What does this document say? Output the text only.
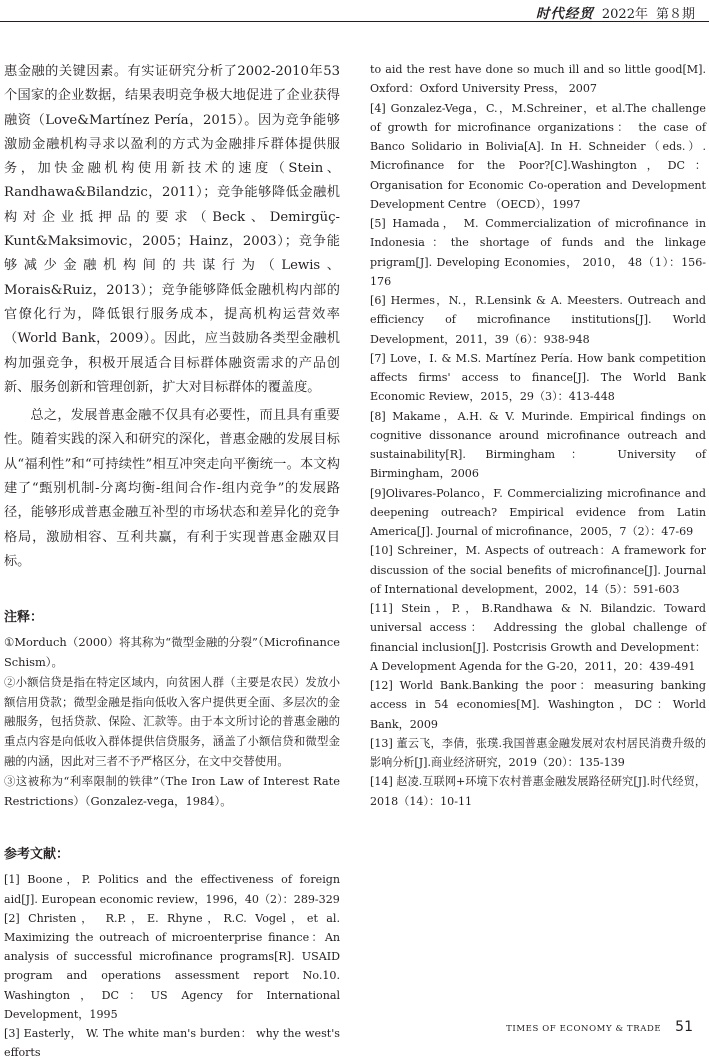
时代经贸 2022年 第８期

惠金融的关键因素。有实证研究分析了2002-2010年53个国家的企业数据，结果表明竞争极大地促进了企业获得融资（Love&Martínez Pería，2015）。因为竞争能够激励金融机构寻求以盈利的方式为金融排斥群体提供服务，加快金融机构使用新技术的速度（Stein、Randhawa&Bilandzic，2011）；竞争能够降低金融机构对企业抵押品的要求（Beck、Demirgüç-Kunt&Maksimovic，2005；Hainz，2003）；竞争能够减少金融机构间的共谋行为（Lewis、Morais&Ruiz，2013）；竞争能够降低金融机构内部的官僚化行为，降低银行服务成本，提高机构运营效率（World Bank，2009）。因此，应当鼓励各类型金融机构加强竞争，积极开展适合目标群体融资需求的产品创新、服务创新和管理创新，扩大对目标群体的覆盖度。

总之，发展普惠金融不仅具有必要性，而且具有重要性。随着实践的深入和研究的深化，普惠金融的发展目标从“福利性”和“可持续性”相互冲突走向平衡统一。本文构建了“甄别机制-分离均衡-组间合作-组内竞争”的发展路径，能够形成普惠金融互补型的市场状态和差异化的竞争格局，激励相容、互利共赢，有利于实现普惠金融双目标。

注释：

①Morduch（2000）将其称为“微型金融的分裂”（Microfinance Schism）。

②小额信贷是指在特定区域内，向贫困人群（主要是农民）发放小额信用贷款；微型金融是指向低收入客户提供更全面、多层次的金融服务，包括贷款、保险、汇款等。由于本文所讨论的普惠金融的重点内容是向低收入群体提供信贷服务，涵盖了小额信贷和微型金融的内涵，因此对三者不予严格区分，在文中交替使用。

③这被称为“利率限制的铁律”（The Iron Law of Interest Rate Restrictions）（Gonzalez-vega，1984）。

参考文献：

[1] Boone，P. Politics and the effectiveness of foreign aid[J]. European economic review，1996，40（2）：289-329

[2] Christen， R.P.，E. Rhyne，R.C. Vogel，et al. Maximizing the outreach of microenterprise finance：An analysis of successful microfinance programs[R]. USAID program and operations assessment report No.10. Washington，DC：US Agency for International Development，1995

[3] Easterly， W. The white man's burden： why the west's efforts

to aid the rest have done so much ill and so little good[M]. Oxford：Oxford University Press， 2007

[4] Gonzalez-Vega，C.，M.Schreiner，et al.The challenge of growth for microfinance organizations： the case of Banco Solidario in Bolivia[A]. In H. Schneider（eds.）. Microfinance for the Poor?[C].Washington，DC：Organisation for Economic Co-operation and Development Development Centre （OECD），1997

[5] Hamada， M. Commercialization of microfinance in Indonesia：the shortage of funds and the linkage prigram[J]. Developing Economies， 2010， 48（1）：156-176

[6] Hermes，N.，R.Lensink & A. Meesters. Outreach and efficiency of microfinance institutions[J]. World Development，2011，39（6）：938-948

[7] Love，I. & M.S. Martínez Pería. How bank competition affects firms' access to finance[J]. The World Bank Economic Review，2015，29（3）：413-448

[8] Makame，A.H. & V. Murinde. Empirical findings on cognitive dissonance around microfinance outreach and sustainability[R]. Birmingham： University of Birmingham，2006

[9]Olivares-Polanco，F. Commercializing microfinance and deepening outreach? Empirical evidence from Latin America[J]. Journal of microfinance，2005，7（2）：47-69

[10] Schreiner，M. Aspects of outreach：A framework for discussion of the social benefits of microfinance[J]. Journal of International development，2002，14（5）：591-603

[11] Stein，P.，B.Randhawa & N. Bilandzic. Toward universal access： Addressing the global challenge of financial inclusion[J]. Postcrisis Growth and Development：A Development Agenda for the G-20，2011，20：439-491

[12] World Bank.Banking the poor：measuring banking access in 54 economies[M]. Washington，DC：World Bank，2009

[13] 董云飞，李倩，张璞.我国普惠金融发展对农村居民消费升级的影响分析[J].商业经济研究，2019（20）：135-139

[14] 赵凌.互联网+环境下农村普惠金融发展路径研究[J].时代经贸，2018（14）：10-11

TIMES OF ECONOMY & TRADE 51
